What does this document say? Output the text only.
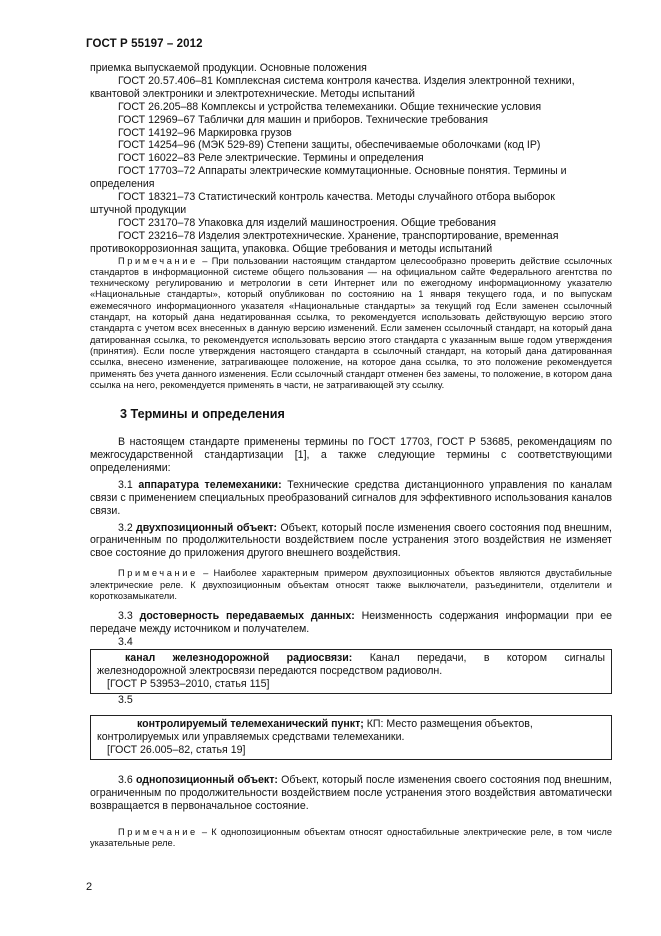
ГОСТ Р 55197 – 2012

приемка выпускаемой продукции. Основные положения

ГОСТ 20.57.406–81 Комплексная система контроля качества. Изделия электронной техники,

квантовой электроники и электротехнические. Методы испытаний

ГОСТ 26.205–88 Комплексы и устройства телемеханики. Общие технические условия

ГОСТ 12969–67 Таблички для машин и приборов. Технические требования

ГОСТ 14192–96 Маркировка грузов

ГОСТ 14254–96 (МЭК 529-89) Степени защиты, обеспечиваемые оболочками (код IP)

ГОСТ 16022–83 Реле электрические. Термины и определения

ГОСТ 17703–72 Аппараты электрические коммутационные. Основные понятия. Термины и

определения

ГОСТ 18321–73 Статистический контроль качества. Методы случайного отбора выборок

штучной продукции

ГОСТ 23170–78 Упаковка для изделий машиностроения. Общие требования

ГОСТ 23216–78 Изделия электротехнические. Хранение, транспортирование, временная

противокоррозионная защита, упаковка. Общие требования и методы испытаний

Примечание – При пользовании настоящим стандартом целесообразно проверить действие ссылочных стандартов в информационной системе общего пользования — на официальном сайте Федерального агентства по техническому регулированию и метрологии в сети Интернет или по ежегодному информационному указателю «Национальные стандарты», который опубликован по состоянию на 1 января текущего года, и по выпускам ежемесячного информационного указателя «Национальные стандарты» за текущий год Если заменен ссылочный стандарт, на который дана недатированная ссылка, то рекомендуется использовать действующую версию этого стандарта с учетом всех внесенных в данную версию изменений. Если заменен ссылочный стандарт, на который дана датированная ссылка, то рекомендуется использовать версию этого стандарта с указанным выше годом утверждения (принятия). Если после утверждения настоящего стандарта в ссылочный стандарт, на который дана датированная ссылка, внесено изменение, затрагивающее положение, на которое дана ссылка, то это положение рекомендуется применять без учета данного изменения. Если ссылочный стандарт отменен без замены, то положение, в котором дана ссылка на него, рекомендуется применять в части, не затрагивающей эту ссылку.

3 Термины и определения

В настоящем стандарте применены термины по ГОСТ 17703, ГОСТ Р 53685, рекомендациям по межгосударственной стандартизации [1], а также следующие термины с соответствующими определениями:

3.1 аппаратура телемеханики: Технические средства дистанционного управления по каналам связи с применением специальных преобразований сигналов для эффективного использования каналов связи.

3.2 двухпозиционный объект: Объект, который после изменения своего состояния под внешним, ограниченным по продолжительности воздействием после устранения этого воздействия не изменяет свое состояние до приложения другого внешнего воздействия.

Примечание – Наиболее характерным примером двухпозиционных объектов являются двустабильные электрические реле. К двухпозиционным объектам относят также выключатели, разъединители, отделители и короткозамыкатели.

3.3 достоверность передаваемых данных: Неизменность содержания информации при ее передаче между источником и получателем.

3.4

канал железнодорожной радиосвязи: Канал передачи, в котором сигналы

железнодорожной электросвязи передаются посредством радиоволн.

[ГОСТ Р 53953–2010, статья 115]

3.5

контролируемый телемеханический пункт; КП: Место размещения объектов,

контролируемых или управляемых средствами телемеханики.

[ГОСТ 26.005–82, статья 19]

3.6 однопозиционный объект: Объект, который после изменения своего состояния под внешним, ограниченным по продолжительности воздействием после устранения этого воздействия автоматически возвращается в первоначальное состояние.

Примечание – К однопозиционным объектам относят одностабильные электрические реле, в том числе указательные реле.

2
